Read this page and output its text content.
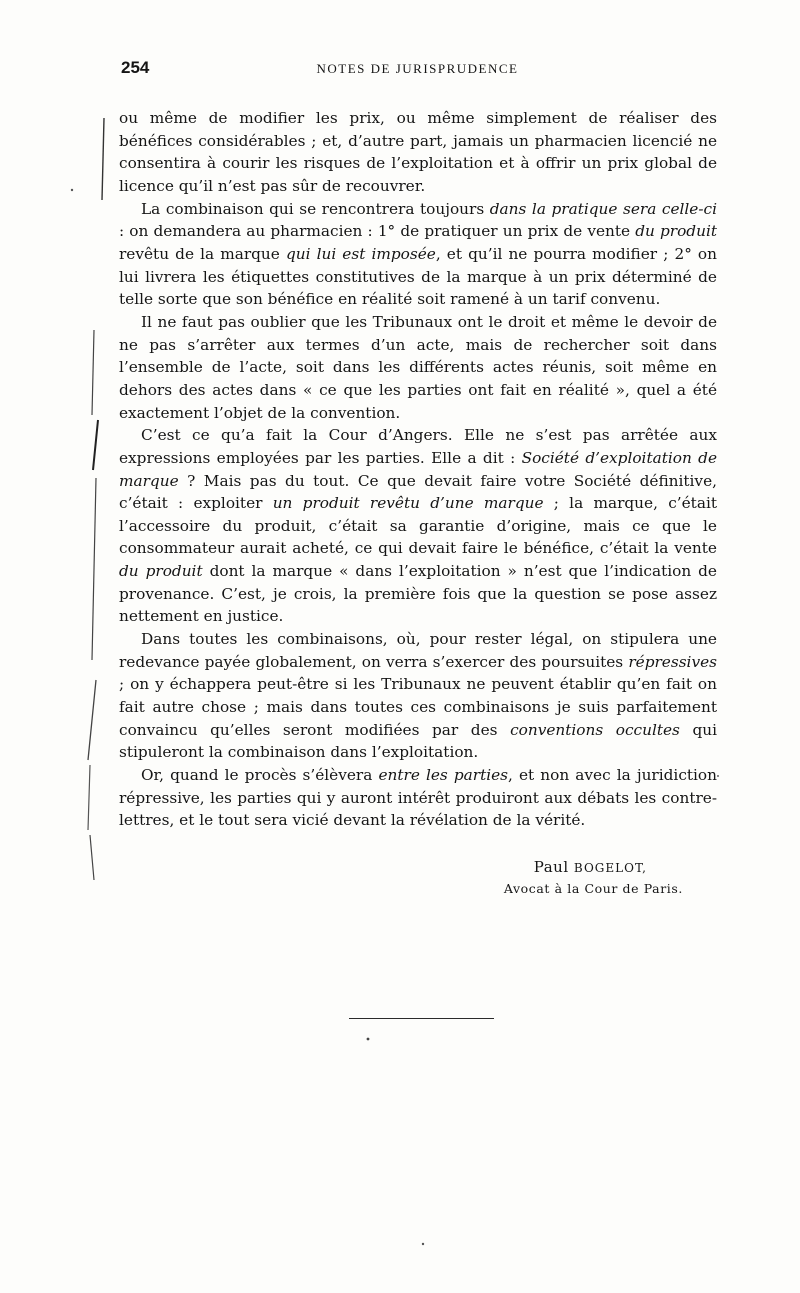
254	NOTES DE JURISPRUDENCE

ou même de modifier les prix, ou même simplement de réaliser des bénéfices considérables ; et, d’autre part, jamais un pharmacien licencié ne consentira à courir les risques de l’exploitation et à offrir un prix global de licence qu’il n’est pas sûr de recouvrer.

La combinaison qui se rencontrera toujours dans la pratique sera celle-ci : on demandera au pharmacien : 1° de pratiquer un prix de vente du produit revêtu de la marque qui lui est imposée, et qu’il ne pourra modifier ; 2° on lui livrera les étiquettes constitutives de la marque à un prix déterminé de telle sorte que son bénéfice en réalité soit ramené à un tarif convenu.

Il ne faut pas oublier que les Tribunaux ont le droit et même le devoir de ne pas s’arrêter aux termes d’un acte, mais de rechercher soit dans l’ensemble de l’acte, soit dans les différents actes réunis, soit même en dehors des actes dans « ce que les parties ont fait en réalité », quel a été exactement l’objet de la convention.

C’est ce qu’a fait la Cour d’Angers. Elle ne s’est pas arrêtée aux expressions employées par les parties. Elle a dit : Société d’exploitation de marque ? Mais pas du tout. Ce que devait faire votre Société définitive, c’était : exploiter un produit revêtu d’une marque ; la marque, c’était l’accessoire du produit, c’était sa garantie d’origine, mais ce que le consommateur aurait acheté, ce qui devait faire le bénéfice, c’était la vente du produit dont la marque « dans l’exploitation » n’est que l’indication de provenance. C’est, je crois, la première fois que la question se pose assez nettement en justice.

Dans toutes les combinaisons, où, pour rester légal, on stipulera une redevance payée globalement, on verra s’exercer des poursuites répressives ; on y échappera peut-être si les Tribunaux ne peuvent établir qu’en fait on fait autre chose ; mais dans toutes ces combinaisons je suis parfaitement convaincu qu’elles seront modifiées par des conventions occultes qui stipuleront la combinaison dans l’exploitation.

Or, quand le procès s’élèvera entre les parties, et non avec la juridiction répressive, les parties qui y auront intérêt produiront aux débats les contre-lettres, et le tout sera vicié devant la révélation de la vérité.

Paul BOGELOT,
Avocat à la Cour de Paris.
